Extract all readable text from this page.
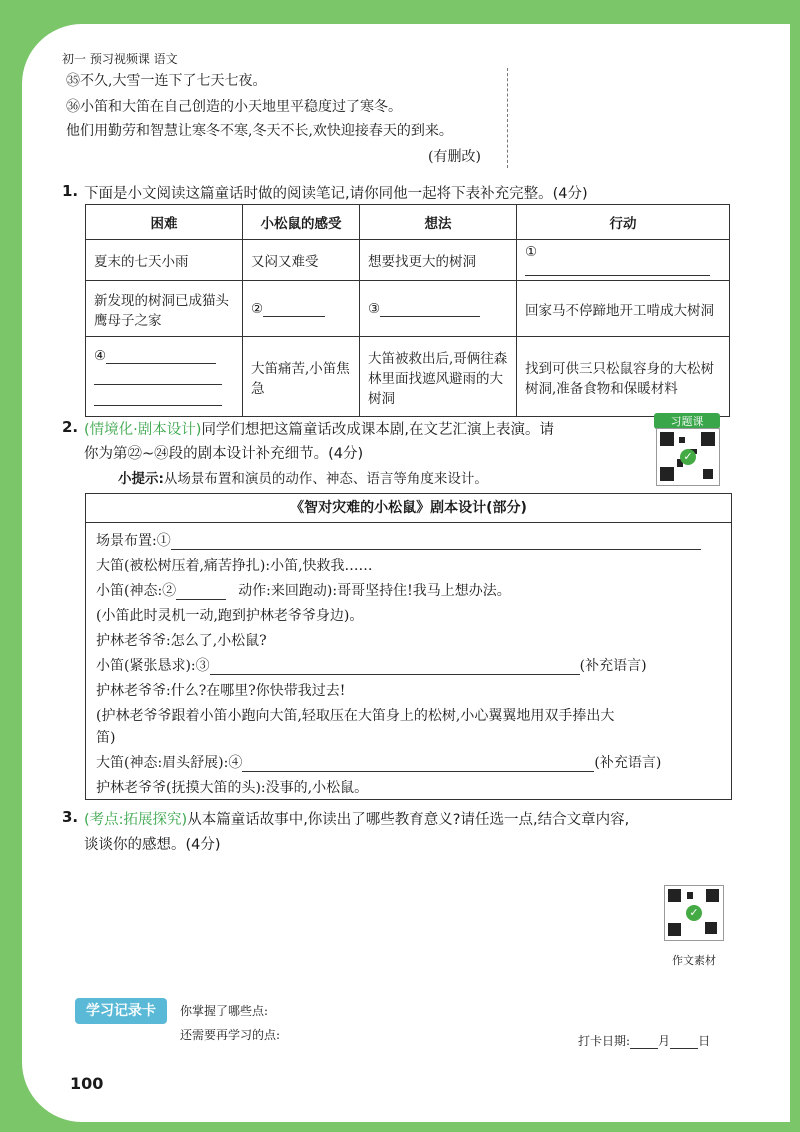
初一 预习视频课 语文
㉟不久,大雪一连下了七天七夜。
㊱小笛和大笛在自己创造的小天地里平稳度过了寒冬。
他们用勤劳和智慧让寒冬不寒,冬天不长,欢快迎接春天的到来。
(有删改)
1. 下面是小文阅读这篇童话时做的阅读笔记,请你同他一起将下表补充完整。(4分)
困难	小松鼠的感受	想法	行动
夏末的七天小雨	又闷又难受	想要找更大的树洞	①
新发现的树洞已成猫头鹰母子之家	②	③	回家马不停蹄地开工啃成大树洞
④	大笛痛苦,小笛焦急	大笛被救出后,哥俩往森林里面找遮风避雨的大树洞	找到可供三只松鼠容身的大松树树洞,准备食物和保暖材料
2. (情境化·剧本设计)同学们想把这篇童话改成课本剧,在文艺汇演上表演。请
你为第㉒~㉔段的剧本设计补充细节。(4分)
小提示:从场景布置和演员的动作、神态、语言等角度来设计。
习题课
✓
《智对灾难的小松鼠》剧本设计(部分)
场景布置:①
大笛(被松树压着,痛苦挣扎):小笛,快救我……
小笛(神态:②	动作:来回跑动):哥哥坚持住!我马上想办法。
(小笛此时灵机一动,跑到护林老爷爷身边)。
护林老爷爷:怎么了,小松鼠?
小笛(紧张恳求):③	(补充语言)
护林老爷爷:什么?在哪里?你快带我过去!
(护林老爷爷跟着小笛小跑向大笛,轻取压在大笛身上的松树,小心翼翼地用双手捧出大
笛)
大笛(神态:眉头舒展):④	(补充语言)
护林老爷爷(抚摸大笛的头):没事的,小松鼠。
3. (考点:拓展探究)从本篇童话故事中,你读出了哪些教育意义?请任选一点,结合文章内容,
谈谈你的感想。(4分)
✓
作文素材
学习记录卡	你掌握了哪些点:
还需要再学习的点:	打卡日期: 月 日
100
